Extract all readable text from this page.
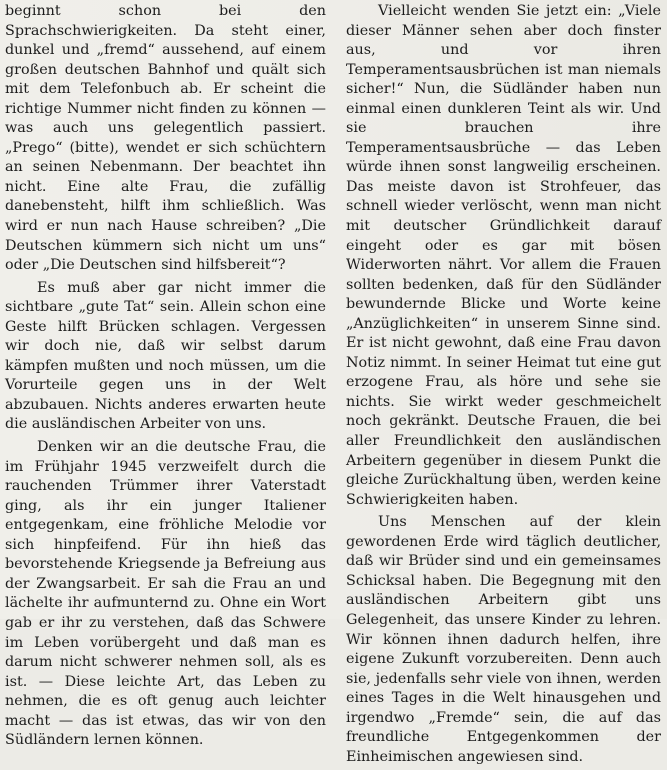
beginnt schon bei den Sprachschwierigkeiten. Da steht einer, dunkel und „fremd“ aussehend, auf einem großen deutschen Bahnhof und quält sich mit dem Telefonbuch ab. Er scheint die richtige Nummer nicht finden zu können — was auch uns gelegentlich passiert. „Prego“ (bitte), wendet er sich schüchtern an seinen Nebenmann. Der beachtet ihn nicht. Eine alte Frau, die zufällig danebensteht, hilft ihm schließlich. Was wird er nun nach Hause schreiben? „Die Deutschen kümmern sich nicht um uns“ oder „Die Deutschen sind hilfsbereit“?

Es muß aber gar nicht immer die sichtbare „gute Tat“ sein. Allein schon eine Geste hilft Brücken schlagen. Vergessen wir doch nie, daß wir selbst darum kämpfen mußten und noch müssen, um die Vorurteile gegen uns in der Welt abzubauen. Nichts anderes erwarten heute die ausländischen Arbeiter von uns.

Denken wir an die deutsche Frau, die im Frühjahr 1945 verzweifelt durch die rauchenden Trümmer ihrer Vaterstadt ging, als ihr ein junger Italiener entgegenkam, eine fröhliche Melodie vor sich hinpfeifend. Für ihn hieß das bevorstehende Kriegsende ja Befreiung aus der Zwangsarbeit. Er sah die Frau an und lächelte ihr aufmunternd zu. Ohne ein Wort gab er ihr zu verstehen, daß das Schwere im Leben vorübergeht und daß man es darum nicht schwerer nehmen soll, als es ist. — Diese leichte Art, das Leben zu nehmen, die es oft genug auch leichter macht — das ist etwas, das wir von den Südländern lernen können.

Vielleicht wenden Sie jetzt ein: „Viele dieser Männer sehen aber doch finster aus, und vor ihren Temperamentsausbrüchen ist man niemals sicher!“ Nun, die Südländer haben nun einmal einen dunkleren Teint als wir. Und sie brauchen ihre Temperamentsausbrüche — das Leben würde ihnen sonst langweilig erscheinen. Das meiste davon ist Strohfeuer, das schnell wieder verlöscht, wenn man nicht mit deutscher Gründlichkeit darauf eingeht oder es gar mit bösen Widerworten nährt. Vor allem die Frauen sollten bedenken, daß für den Südländer bewundernde Blicke und Worte keine „Anzüglichkeiten“ in unserem Sinne sind. Er ist nicht gewohnt, daß eine Frau davon Notiz nimmt. In seiner Heimat tut eine gut erzogene Frau, als höre und sehe sie nichts. Sie wirkt weder geschmeichelt noch gekränkt. Deutsche Frauen, die bei aller Freundlichkeit den ausländischen Arbeitern gegenüber in diesem Punkt die gleiche Zurückhaltung üben, werden keine Schwierigkeiten haben.

Uns Menschen auf der klein gewordenen Erde wird täglich deutlicher, daß wir Brüder sind und ein gemeinsames Schicksal haben. Die Begegnung mit den ausländischen Arbeitern gibt uns Gelegenheit, das unsere Kinder zu lehren. Wir können ihnen dadurch helfen, ihre eigene Zukunft vorzubereiten. Denn auch sie, jedenfalls sehr viele von ihnen, werden eines Tages in die Welt hinausgehen und irgendwo „Fremde“ sein, die auf das freundliche Entgegenkommen der Einheimischen angewiesen sind.
